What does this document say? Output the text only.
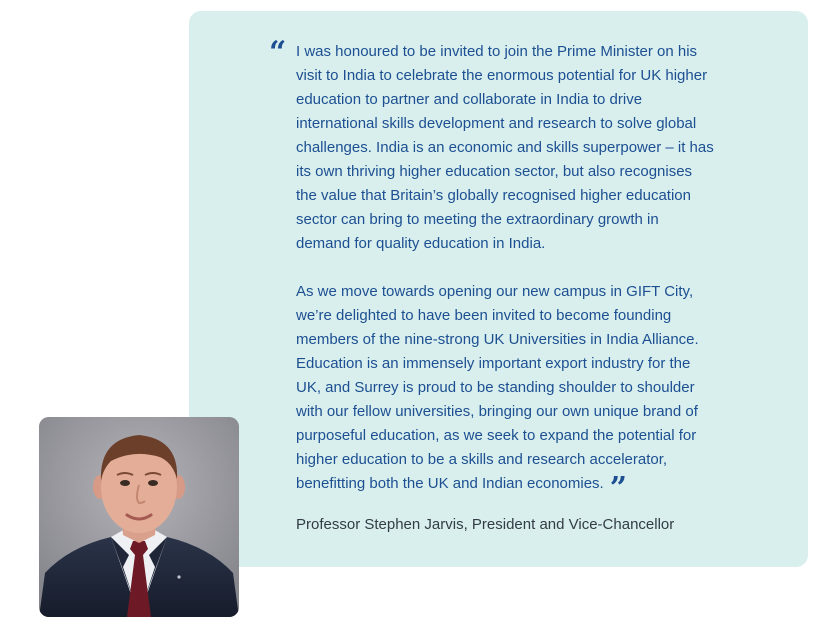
“ I was honoured to be invited to join the Prime Minister on his
visit to India to celebrate the enormous potential for UK higher
education to partner and collaborate in India to drive
international skills development and research to solve global
challenges. India is an economic and skills superpower – it has
its own thriving higher education sector, but also recognises
the value that Britain’s globally recognised higher education
sector can bring to meeting the extraordinary growth in
demand for quality education in India.

As we move towards opening our new campus in GIFT City,
we’re delighted to have been invited to become founding
members of the nine-strong UK Universities in India Alliance.
Education is an immensely important export industry for the
UK, and Surrey is proud to be standing shoulder to shoulder
with our fellow universities, bringing our own unique brand of
purposeful education, as we seek to expand the potential for
higher education to be a skills and research accelerator,
benefitting both the UK and Indian economies. ”

Professor Stephen Jarvis, President and Vice-Chancellor
